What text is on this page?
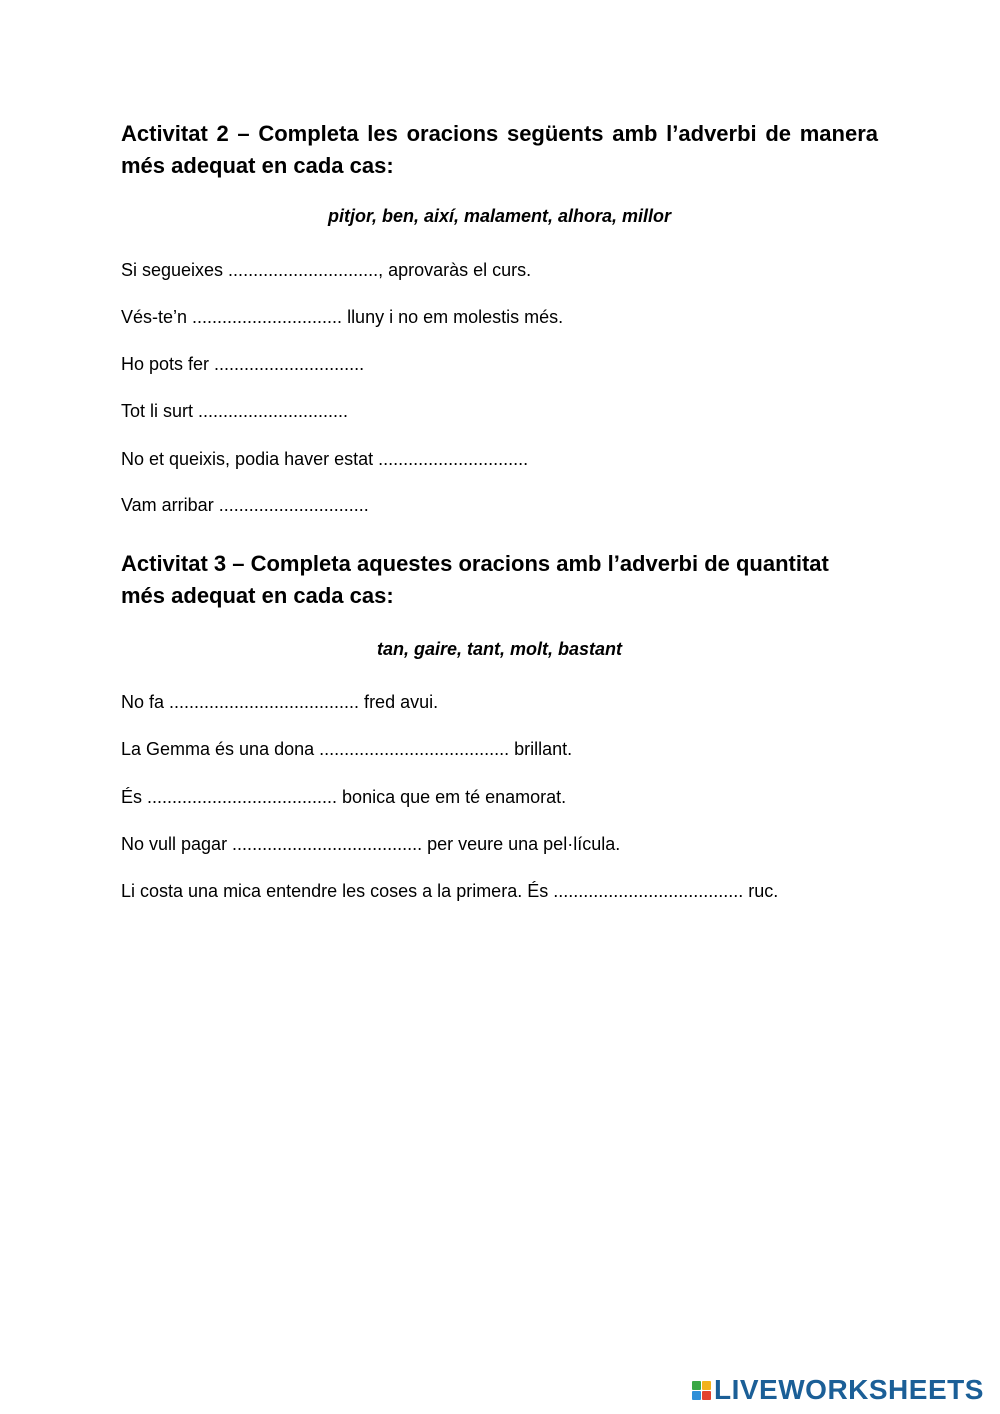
Activitat 2 – Completa les oracions següents amb l’adverbi de manera més adequat en cada cas:

pitjor, ben, així, malament, alhora, millor

Si segueixes .............................., aprovaràs el curs.

Vés-te’n .............................. lluny i no em molestis més.

Ho pots fer ..............................

Tot li surt ..............................

No et queixis, podia haver estat ..............................

Vam arribar ..............................

Activitat 3 – Completa aquestes oracions amb l’adverbi de quantitat més adequat en cada cas:

tan, gaire, tant, molt, bastant

No fa ...................................... fred avui.

La Gemma és una dona ...................................... brillant.

És ...................................... bonica que em té enamorat.

No vull pagar ...................................... per veure una pel·lícula.

Li costa una mica entendre les coses a la primera. És ...................................... ruc.

LIVEWORKSHEETS
